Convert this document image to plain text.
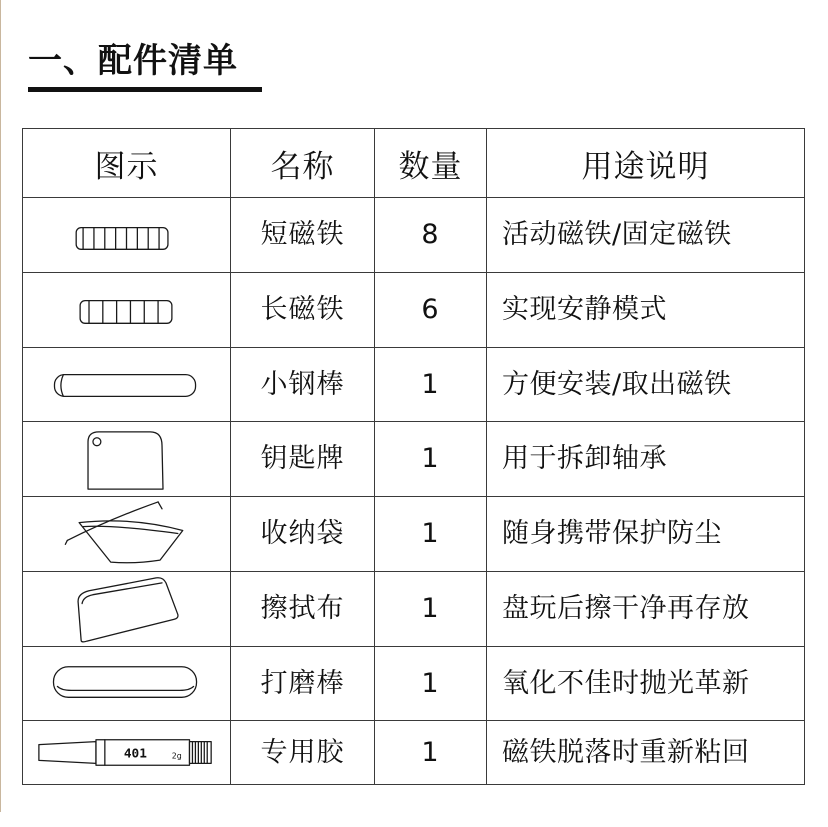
一、配件清单
图示	名称	数量	用途说明

	短磁铁	8	活动磁铁/固定磁铁

	长磁铁	6	实现安静模式

	小钢棒	1	方便安装/取出磁铁

	钥匙牌	1	用于拆卸轴承

	收纳袋	1	随身携带保护防尘

	擦拭布	1	盘玩后擦干净再存放

	打磨棒	1	氧化不佳时抛光革新

401 2g	专用胶	1	磁铁脱落时重新粘回
